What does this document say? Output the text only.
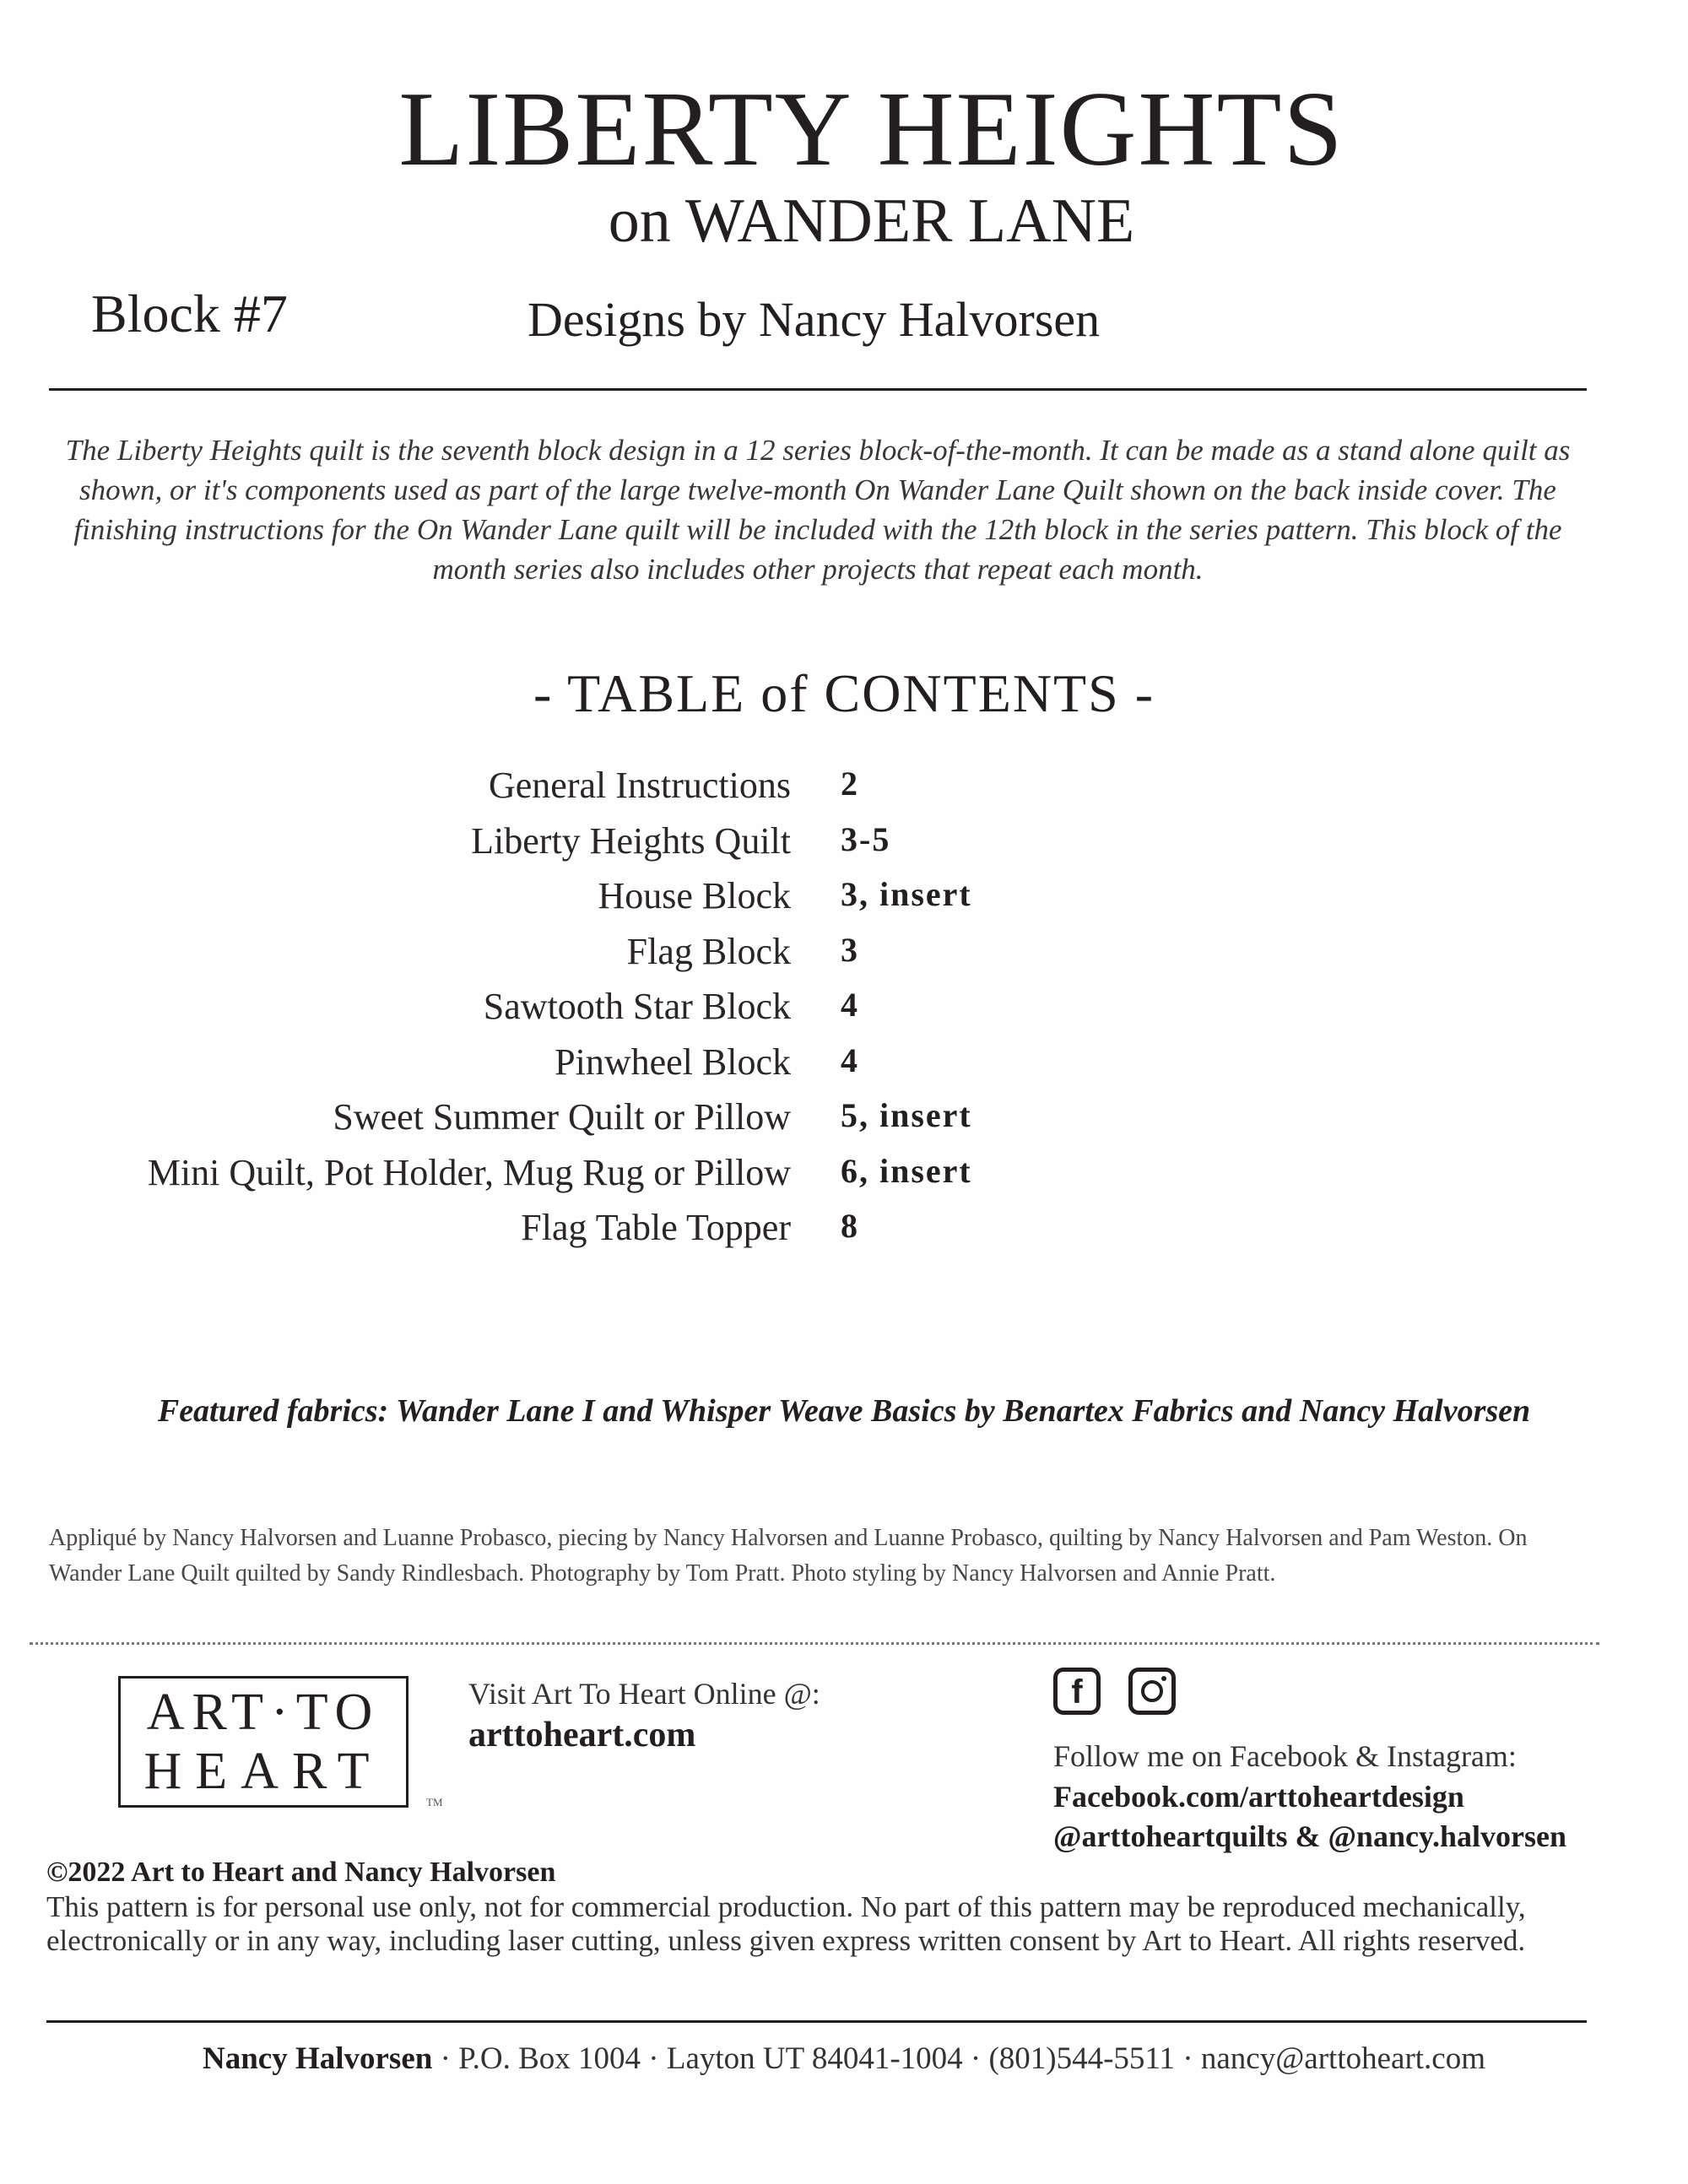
LIBERTY HEIGHTS
on WANDER LANE
Block #7	Designs by Nancy Halvorsen
The Liberty Heights quilt is the seventh block design in a 12 series block-of-the-month. It can be made as a stand alone quilt as shown, or it's components used as part of the large twelve-month On Wander Lane Quilt shown on the back inside cover. The finishing instructions for the On Wander Lane quilt will be included with the 12th block in the series pattern. This block of the month series also includes other projects that repeat each month.
- TABLE of CONTENTS -
General Instructions 2
Liberty Heights Quilt 3-5
House Block 3, insert
Flag Block 3
Sawtooth Star Block 4
Pinwheel Block 4
Sweet Summer Quilt or Pillow 5, insert
Mini Quilt, Pot Holder, Mug Rug or Pillow 6, insert
Flag Table Topper 8
Featured fabrics: Wander Lane I and Whisper Weave Basics by Benartex Fabrics and Nancy Halvorsen
Appliqué by Nancy Halvorsen and Luanne Probasco, piecing by Nancy Halvorsen and Luanne Probasco, quilting by Nancy Halvorsen and Pam Weston. On Wander Lane Quilt quilted by Sandy Rindlesbach. Photography by Tom Pratt. Photo styling by Nancy Halvorsen and Annie Pratt.
ART·TO
HEART
TM
Visit Art To Heart Online @:
arttoheart.com
f
Follow me on Facebook & Instagram:
Facebook.com/arttoheartdesign
@arttoheartquilts & @nancy.halvorsen
©2022 Art to Heart and Nancy Halvorsen
This pattern is for personal use only, not for commercial production. No part of this pattern may be reproduced mechanically, electronically or in any way, including laser cutting, unless given express written consent by Art to Heart. All rights reserved.
Nancy Halvorsen · P.O. Box 1004 · Layton UT 84041-1004 · (801)544-5511 · nancy@arttoheart.com
